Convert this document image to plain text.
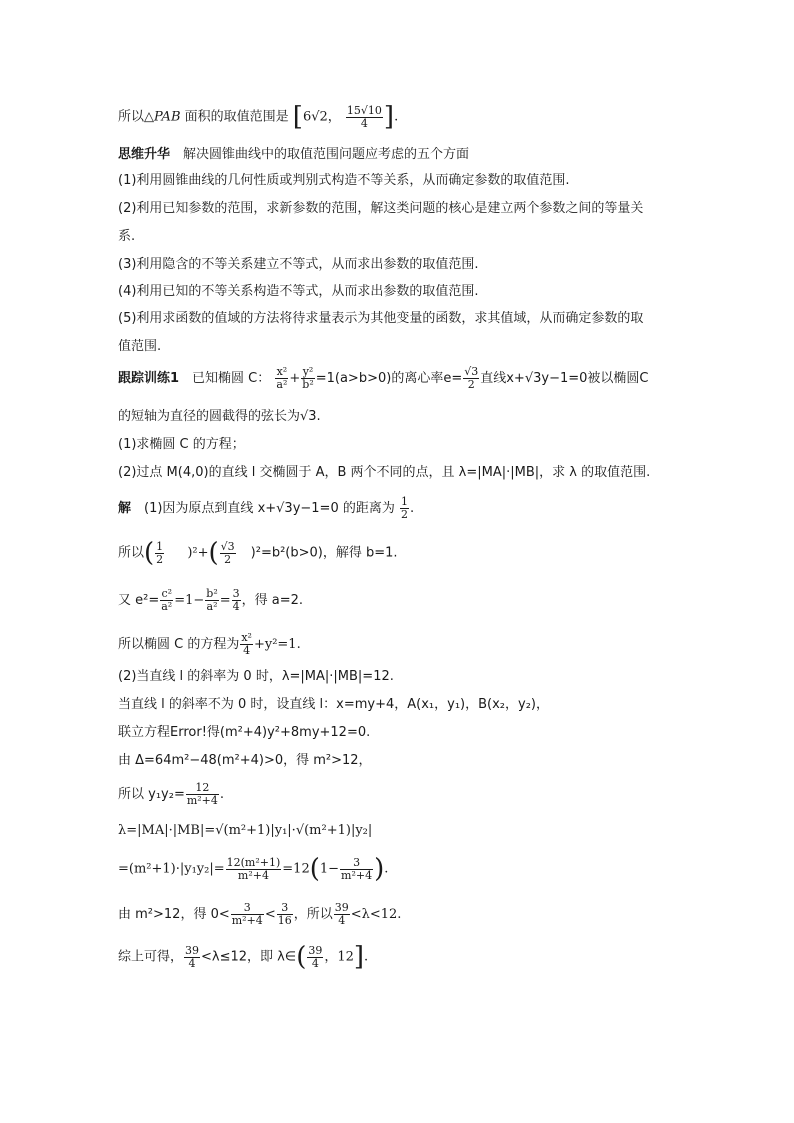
所以△PAB 面积的取值范围是 [6√2， $\frac{15√10}{4}$ ].
思维升华　解决圆锥曲线中的取值范围问题应考虑的五个方面
(1)利用圆锥曲线的几何性质或判别式构造不等关系，从而确定参数的取值范围.
(2)利用已知参数的范围，求新参数的范围，解这类问题的核心是建立两个参数之间的等量关
系.
(3)利用隐含的不等关系建立不等式，从而求出参数的取值范围.
(4)利用已知的不等关系构造不等式，从而求出参数的取值范围.
(5)利用求函数的值域的方法将待求量表示为其他变量的函数，求其值域，从而确定参数的取
值范围.
跟踪训练1　已知椭圆 C： $\frac{\text{x²}}{\text{a²}} + \frac{\text{y²}}{\text{b²}} =1(a>b>0)$的离心率$e= \frac{√3}{2}$ 直线x+√3y−1=0被以椭圆C
的短轴为直径的圆截得的弦长为√3.
(1)求椭圆 C 的方程；
(2)过点 M(4,0)的直线 l 交椭圆于 A，B 两个不同的点，且 λ=|MA|·|MB|，求 λ 的取值范围.
解　(1)因为原点到直线 x+√3y−1=0 的距离为 $\frac{1}{2}$ .
所以( $\frac{1}{2} )^2+( \frac{√3}{2} )^2=b^2(b>0)$，解得 b=1.
又 $e^2= \frac{\text{c²}}{\text{a²}} =1- \frac{\text{b²}}{\text{a²}} = \frac{3}{4}$ ，得 a=2.
所以椭圆 C 的方程为 $\frac{\text{x²}}{4} +y^2=1$.
(2)当直线 l 的斜率为 0 时，λ=|MA|·|MB|=12.
当直线 l 的斜率不为 0 时，设直线 l：x=my+4，A(x₁，y₁)，B(x₂，y₂)，
联立方程Error!得(m²+4)y²+8my+12=0.
由 Δ=64m²−48(m²+4)>0，得 m²>12，
所以 $y_1y_2= \frac{12}{\text{m²+4}}$ .
λ=|MA|·|MB|=√(m²+1)|y₁|·√(m²+1)|y₂|
$=(m^2+1)\cdot|y_1y_2|= \frac{\text{12(m²+1)}}{\text{m²+4}} =12(1- \frac{3}{\text{m²+4}}$ ).
由 m²>12，得 $0< \frac{3}{\text{m²+4}} < \frac{3}{16}$ ，所以 $\frac{39}{4} <\lambda<12$.
综上可得， $\frac{39}{4} <\lambda\le 12$，即 λ∈( $\frac{39}{4}$ ，12].
